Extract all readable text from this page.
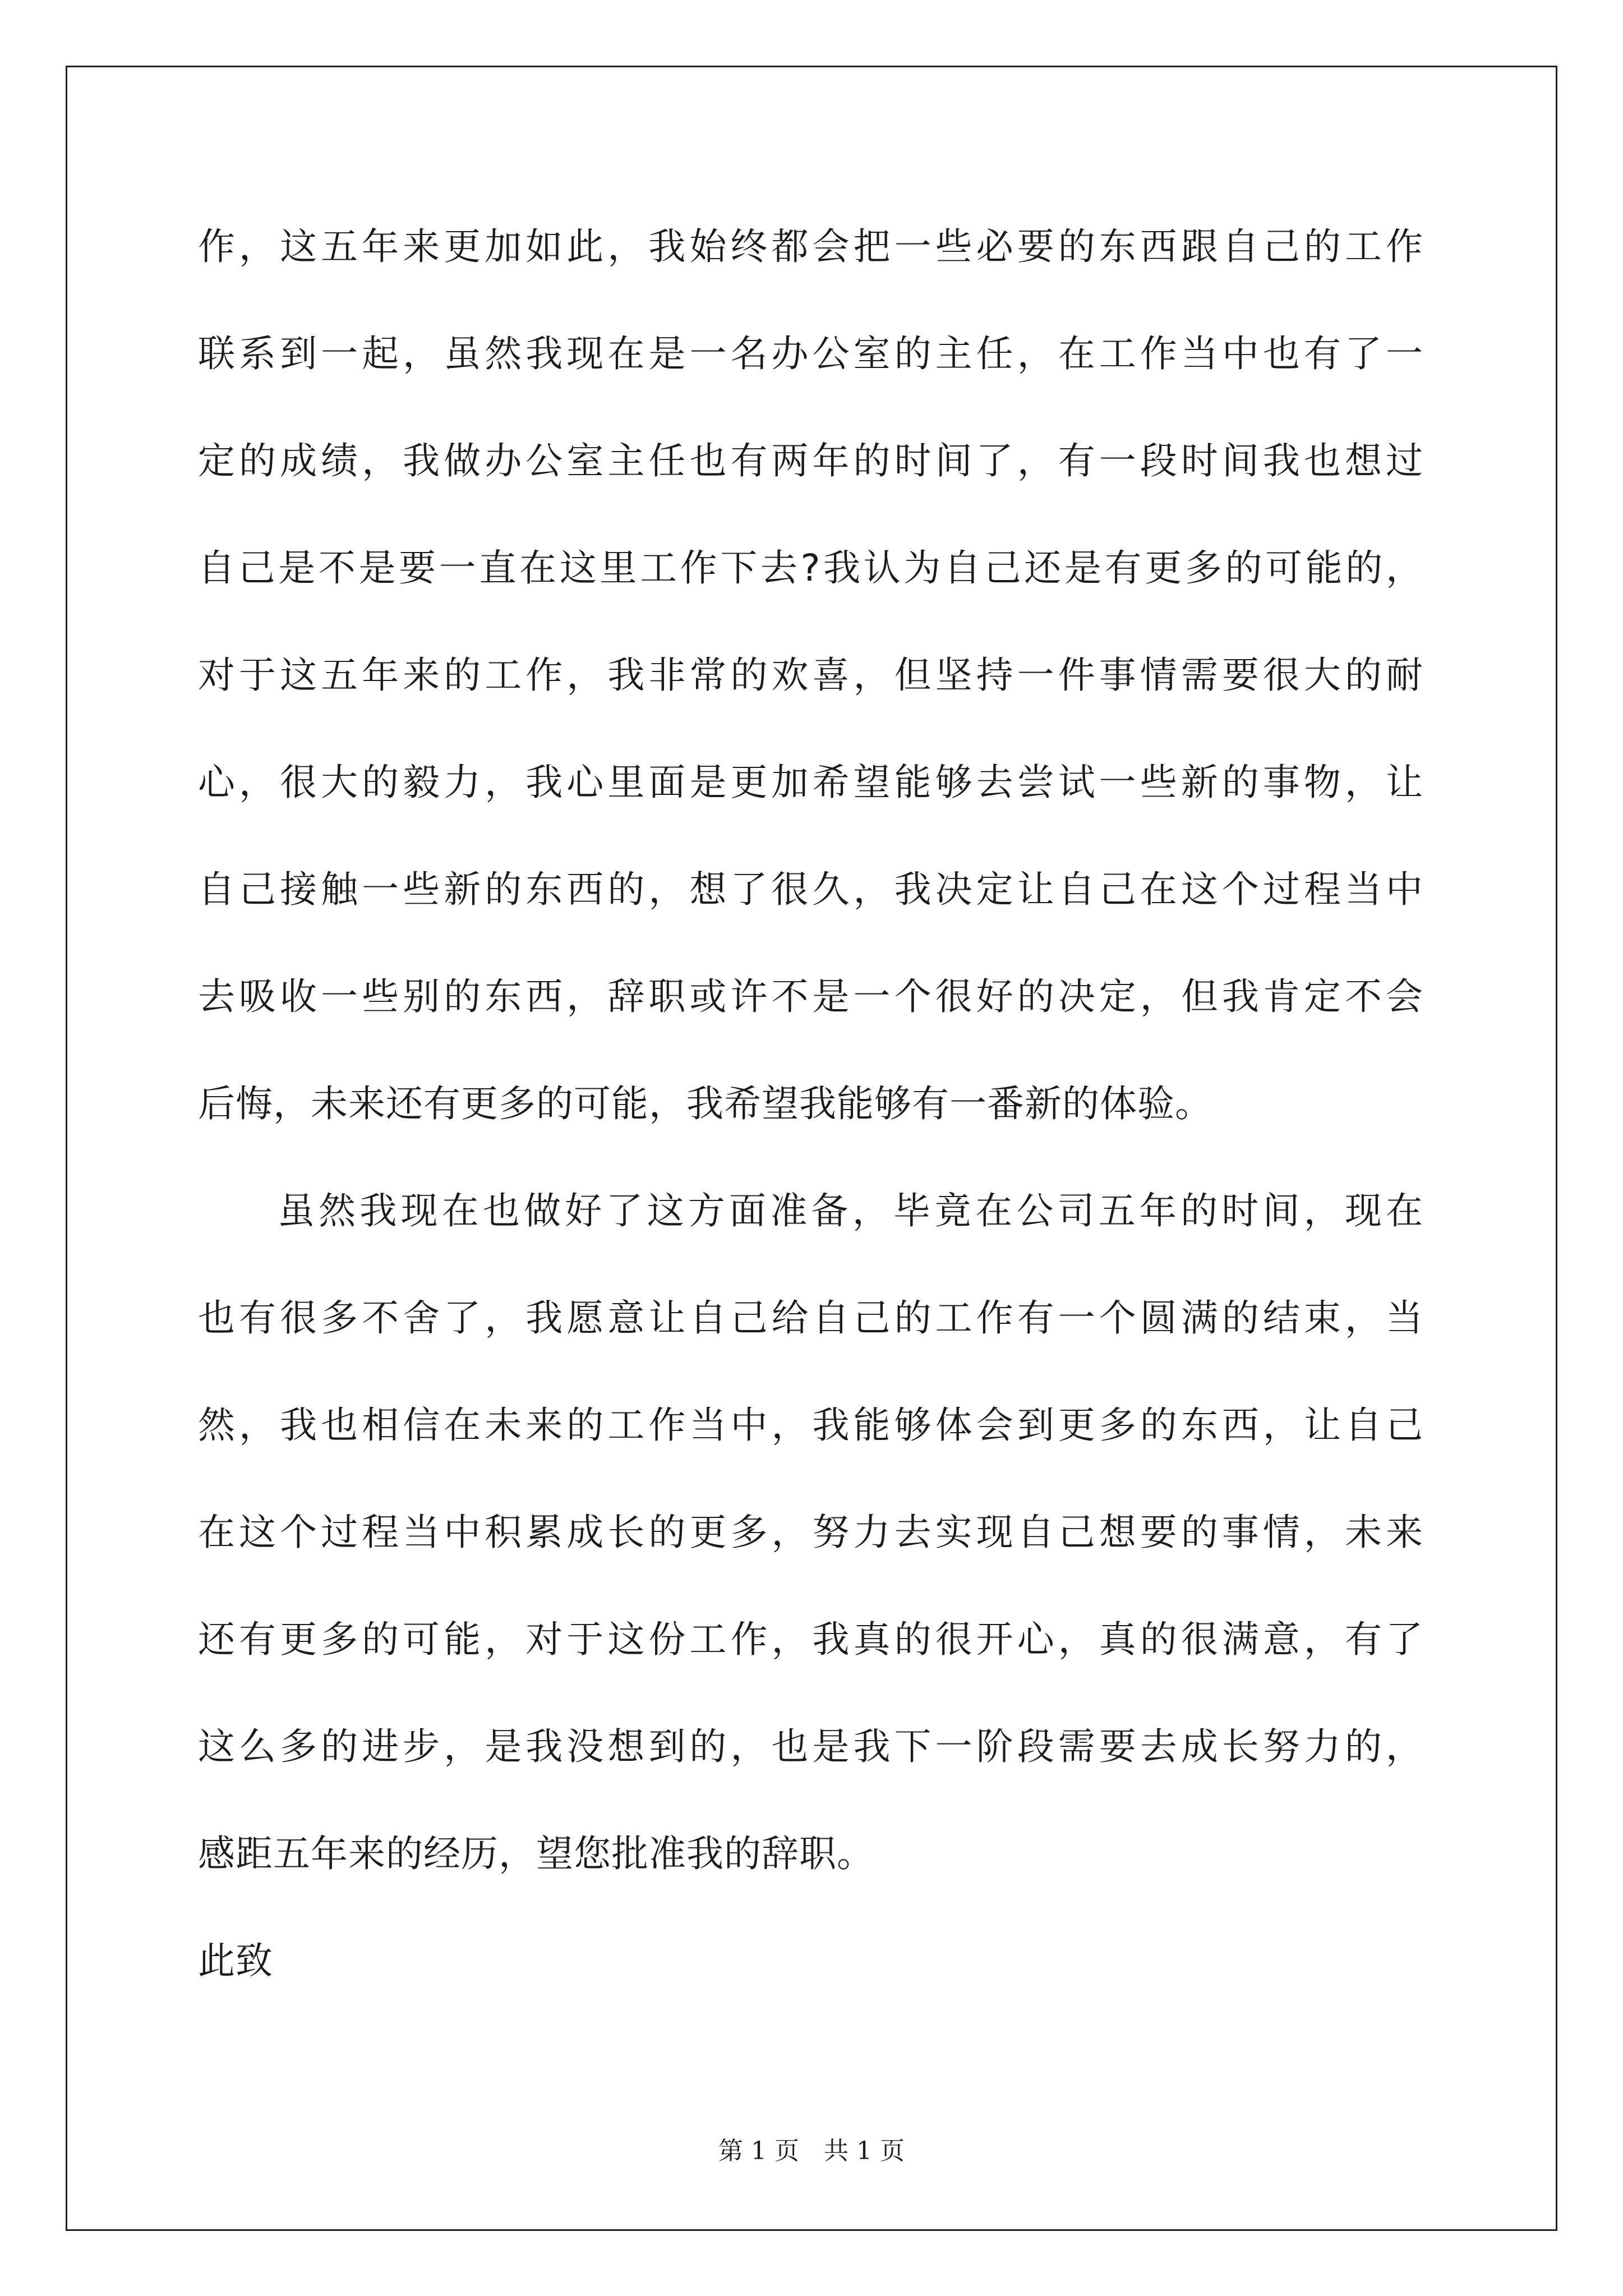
作，这五年来更加如此，我始终都会把一些必要的东西跟自己的工作
联系到一起，虽然我现在是一名办公室的主任，在工作当中也有了一
定的成绩，我做办公室主任也有两年的时间了，有一段时间我也想过
自己是不是要一直在这里工作下去?我认为自己还是有更多的可能的，
对于这五年来的工作，我非常的欢喜，但坚持一件事情需要很大的耐
心，很大的毅力，我心里面是更加希望能够去尝试一些新的事物，让
自己接触一些新的东西的，想了很久，我决定让自己在这个过程当中
去吸收一些别的东西，辞职或许不是一个很好的决定，但我肯定不会
后悔，未来还有更多的可能，我希望我能够有一番新的体验。
虽然我现在也做好了这方面准备，毕竟在公司五年的时间，现在
也有很多不舍了，我愿意让自己给自己的工作有一个圆满的结束，当
然，我也相信在未来的工作当中，我能够体会到更多的东西，让自己
在这个过程当中积累成长的更多，努力去实现自己想要的事情，未来
还有更多的可能，对于这份工作，我真的很开心，真的很满意，有了
这么多的进步，是我没想到的，也是我下一阶段需要去成长努力的，
感距五年来的经历，望您批准我的辞职。
此致
第 1 页　共 1 页
